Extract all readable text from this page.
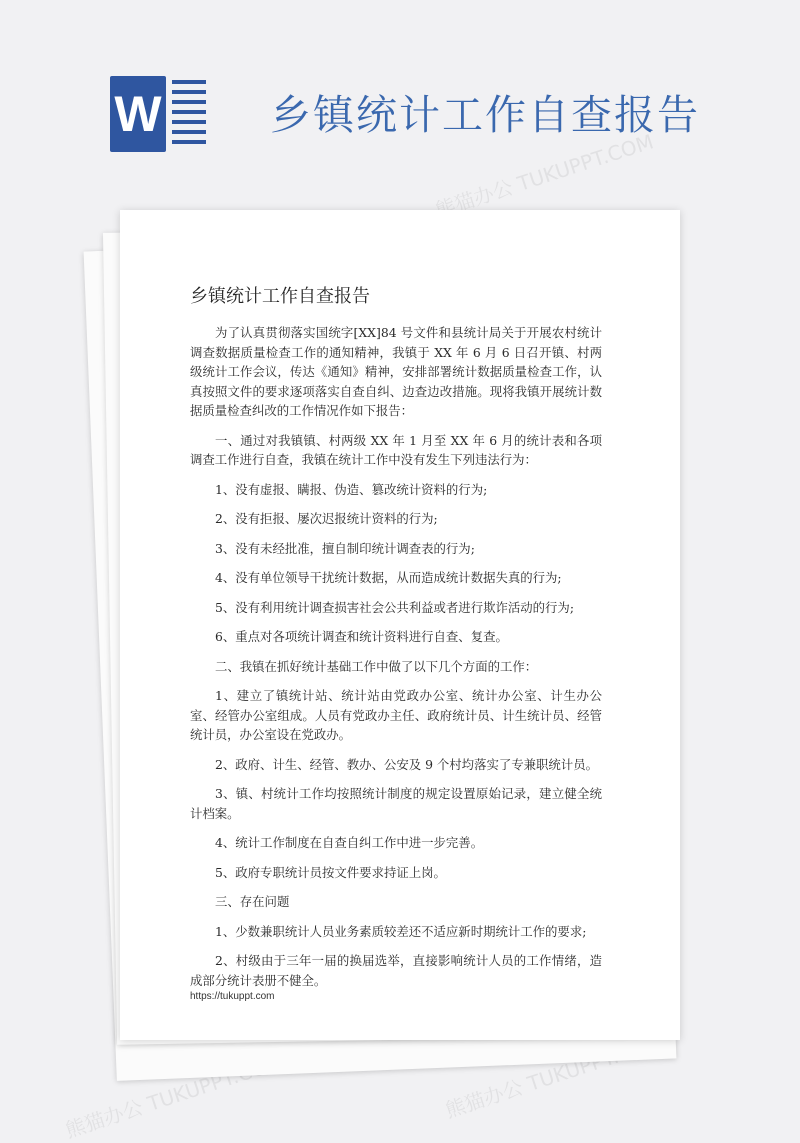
W	乡镇统计工作自查报告
熊猫办公 TUKUPPT.COM
熊猫办公 TUKUPPT.COM	熊猫办公 TUKUPPT.COM
乡镇统计工作自查报告

为了认真贯彻落实国统字[XX]84 号文件和县统计局关于开展农村统计调查数据质量检查工作的通知精神，我镇于 XX 年 6 月 6 日召开镇、村两级统计工作会议，传达《通知》精神，安排部署统计数据质量检查工作，认真按照文件的要求逐项落实自查自纠、边查边改措施。现将我镇开展统计数据质量检查纠改的工作情况作如下报告：

一、通过对我镇镇、村两级 XX 年 1 月至 XX 年 6 月的统计表和各项调查工作进行自查，我镇在统计工作中没有发生下列违法行为：

1、没有虚报、瞒报、伪造、篡改统计资料的行为;

2、没有拒报、屡次迟报统计资料的行为;

3、没有未经批准，擅自制印统计调查表的行为;

4、没有单位领导干扰统计数据，从而造成统计数据失真的行为;

5、没有利用统计调查损害社会公共利益或者进行欺诈活动的行为;

6、重点对各项统计调查和统计资料进行自查、复查。

二、我镇在抓好统计基础工作中做了以下几个方面的工作：

1、建立了镇统计站、统计站由党政办公室、统计办公室、计生办公室、经管办公室组成。人员有党政办主任、政府统计员、计生统计员、经管统计员，办公室设在党政办。

2、政府、计生、经管、教办、公安及 9 个村均落实了专兼职统计员。

3、镇、村统计工作均按照统计制度的规定设置原始记录，建立健全统计档案。

4、统计工作制度在自查自纠工作中进一步完善。

5、政府专职统计员按文件要求持证上岗。

三、存在问题

1、少数兼职统计人员业务素质较差还不适应新时期统计工作的要求;

2、村级由于三年一届的换届选举，直接影响统计人员的工作情绪，造成部分统计表册不健全。

https://tukuppt.com
